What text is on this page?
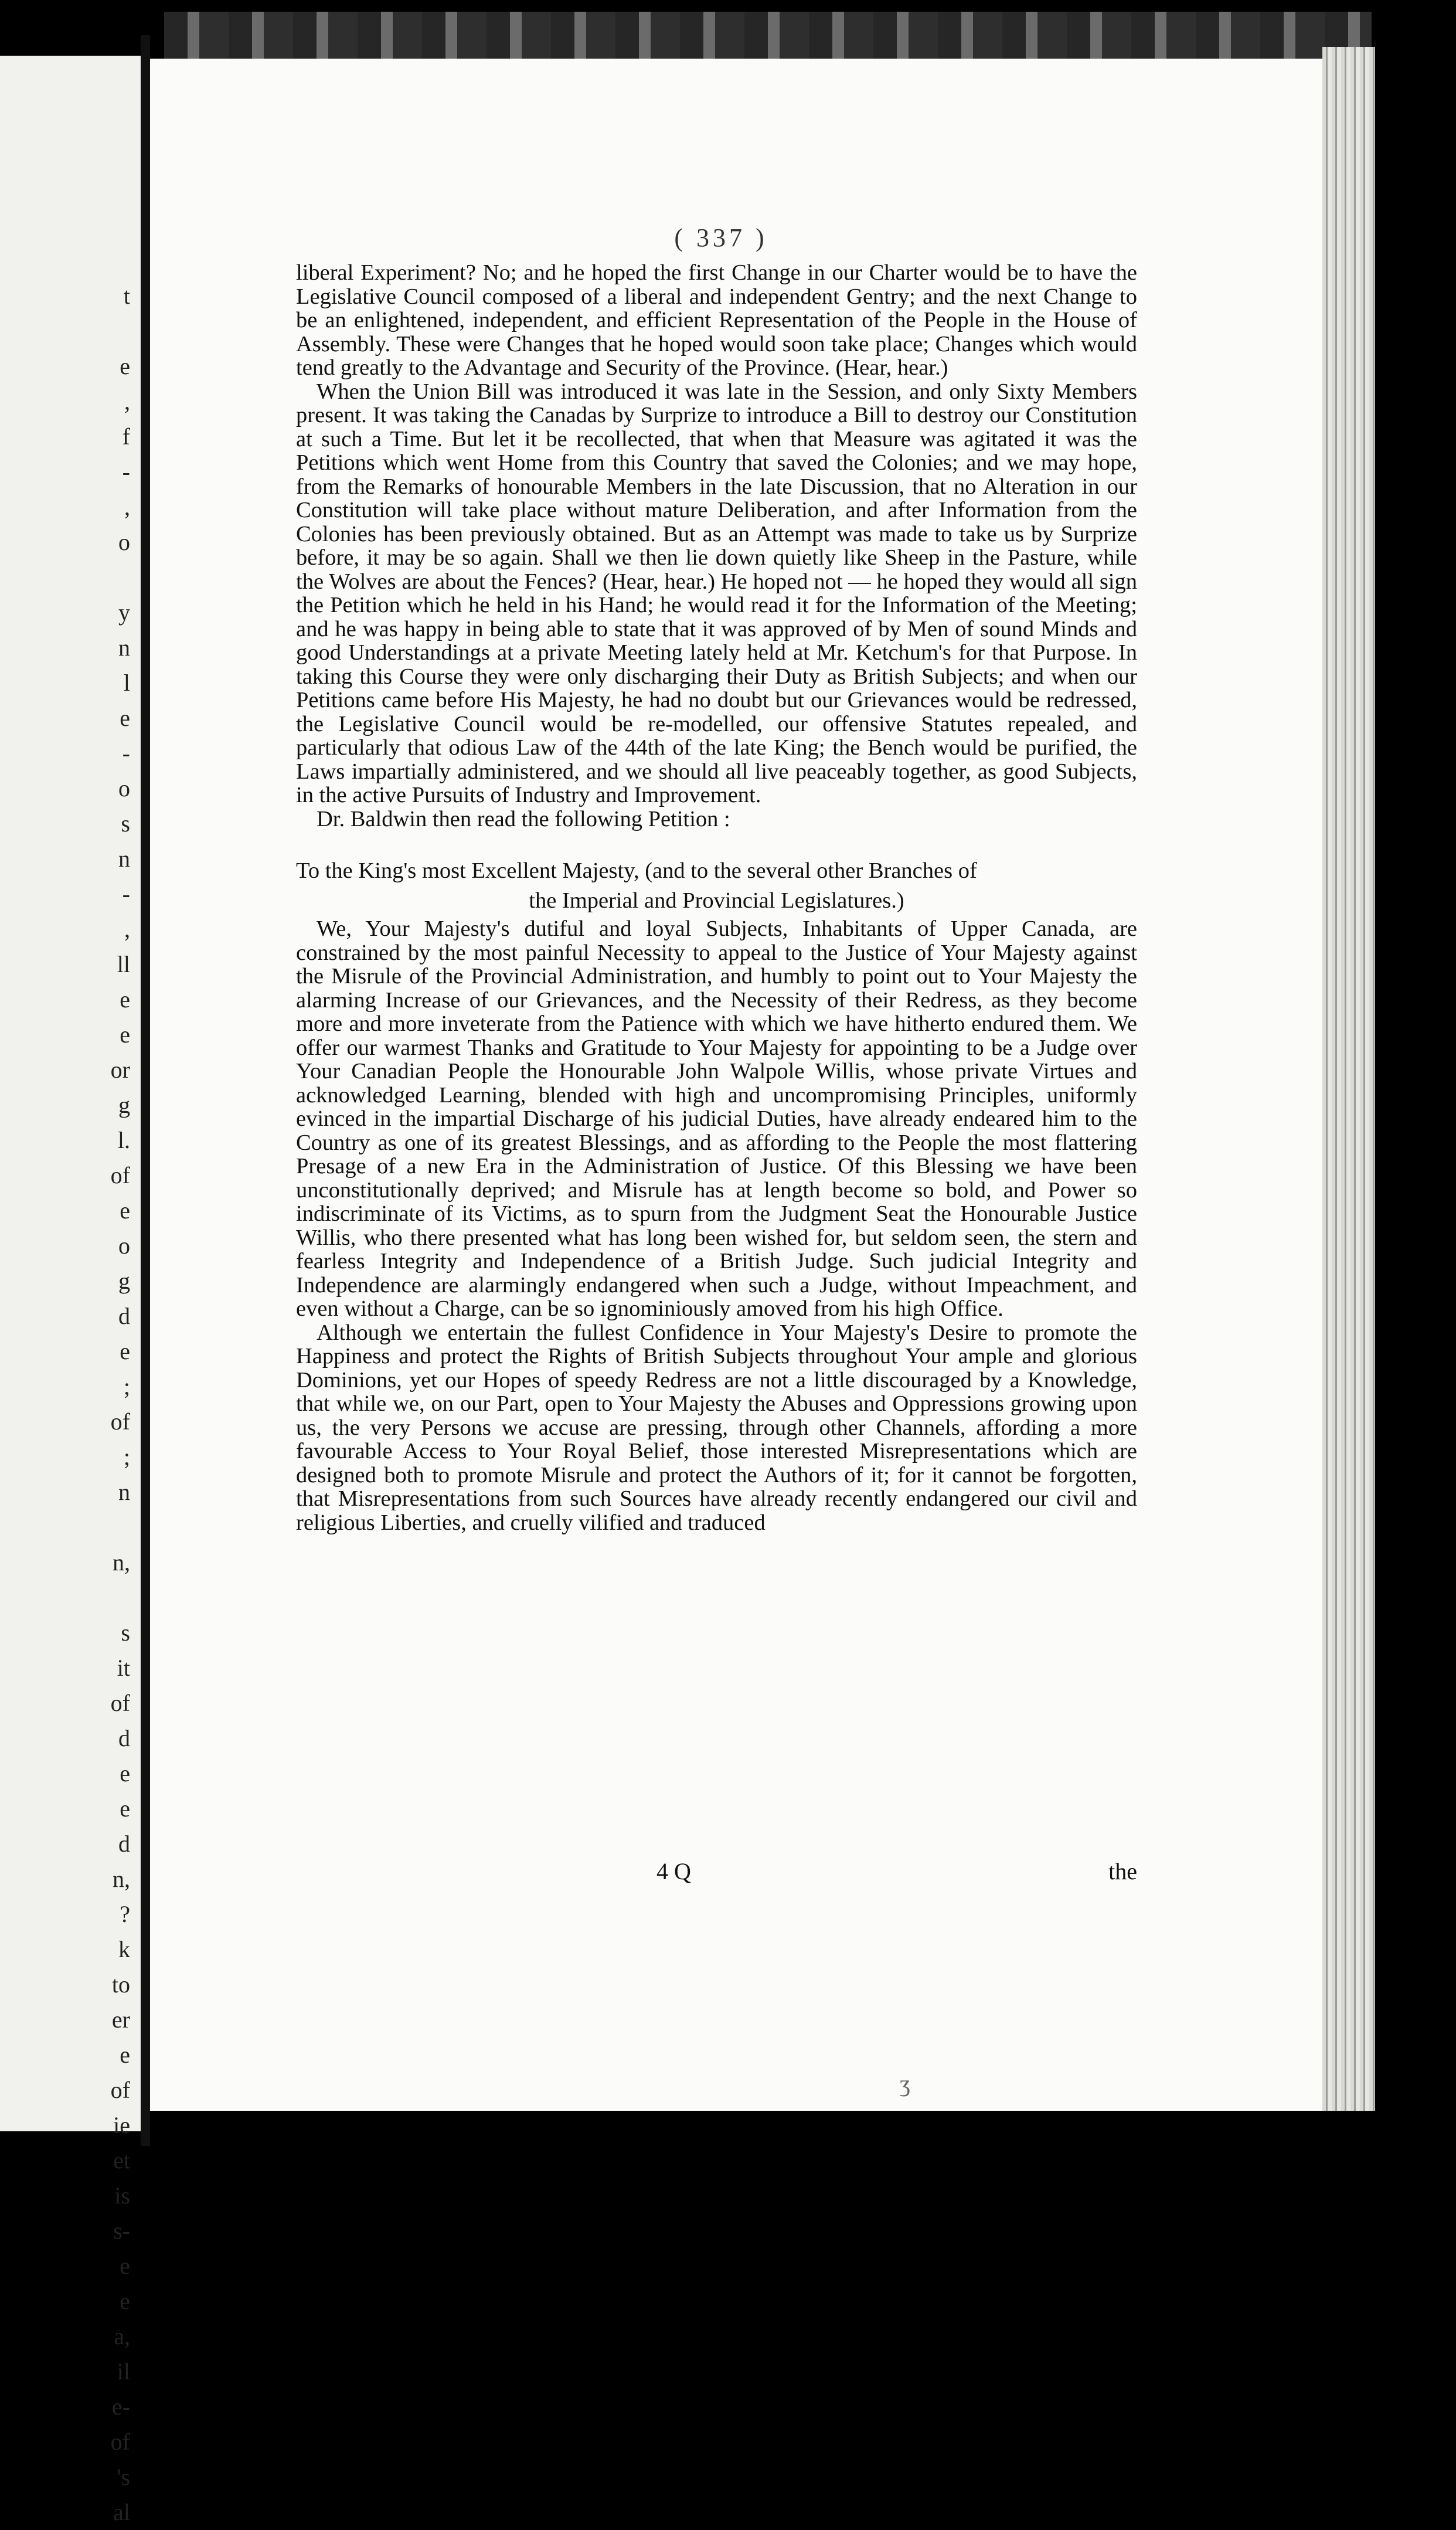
t

e
,
f
-
,
o

y
n
l
e
-
o
s
n
-
,
ll
e
e
or
g
l.
of
e
o
g
d
e
;
of
;
n

n,

s
it
of
d
e
e
d
n,
?
k
to
er
e
of
ie
et
is
s-
e
e
a,
il
e-
of
's
al
( 337 )

liberal Experiment? No; and he hoped the first Change in our Charter would be to have the Legislative Council composed of a liberal and independent Gentry; and the next Change to be an enlightened, independent, and efficient Representation of the People in the House of Assembly. These were Changes that he hoped would soon take place; Changes which would tend greatly to the Advantage and Security of the Province. (Hear, hear.)

When the Union Bill was introduced it was late in the Session, and only Sixty Members present. It was taking the Canadas by Surprize to introduce a Bill to destroy our Constitution at such a Time. But let it be recollected, that when that Measure was agitated it was the Petitions which went Home from this Country that saved the Colonies; and we may hope, from the Remarks of honourable Members in the late Discussion, that no Alteration in our Constitution will take place without mature Deliberation, and after Information from the Colonies has been previously obtained. But as an Attempt was made to take us by Surprize before, it may be so again. Shall we then lie down quietly like Sheep in the Pasture, while the Wolves are about the Fences? (Hear, hear.) He hoped not — he hoped they would all sign the Petition which he held in his Hand; he would read it for the Information of the Meeting; and he was happy in being able to state that it was approved of by Men of sound Minds and good Understandings at a private Meeting lately held at Mr. Ketchum's for that Purpose. In taking this Course they were only discharging their Duty as British Subjects; and when our Petitions came before His Majesty, he had no doubt but our Grievances would be redressed, the Legislative Council would be re-modelled, our offensive Statutes repealed, and particularly that odious Law of the 44th of the late King; the Bench would be purified, the Laws impartially administered, and we should all live peaceably together, as good Subjects, in the active Pursuits of Industry and Improvement.

Dr. Baldwin then read the following Petition :

To the King's most Excellent Majesty, (and to the several other Branches of

the Imperial and Provincial Legislatures.)

We, Your Majesty's dutiful and loyal Subjects, Inhabitants of Upper Canada, are constrained by the most painful Necessity to appeal to the Justice of Your Majesty against the Misrule of the Provincial Administration, and humbly to point out to Your Majesty the alarming Increase of our Grievances, and the Necessity of their Redress, as they become more and more inveterate from the Patience with which we have hitherto endured them. We offer our warmest Thanks and Gratitude to Your Majesty for appointing to be a Judge over Your Canadian People the Honourable John Walpole Willis, whose private Virtues and acknowledged Learning, blended with high and uncompromising Principles, uniformly evinced in the impartial Discharge of his judicial Duties, have already endeared him to the Country as one of its greatest Blessings, and as affording to the People the most flattering Presage of a new Era in the Administration of Justice. Of this Blessing we have been unconstitutionally deprived; and Misrule has at length become so bold, and Power so indiscriminate of its Victims, as to spurn from the Judgment Seat the Honourable Justice Willis, who there presented what has long been wished for, but seldom seen, the stern and fearless Integrity and Independence of a British Judge. Such judicial Integrity and Independence are alarmingly endangered when such a Judge, without Impeachment, and even without a Charge, can be so ignominiously amoved from his high Office.

Although we entertain the fullest Confidence in Your Majesty's Desire to promote the Happiness and protect the Rights of British Subjects throughout Your ample and glorious Dominions, yet our Hopes of speedy Redress are not a little discouraged by a Knowledge, that while we, on our Part, open to Your Majesty the Abuses and Oppressions growing upon us, the very Persons we accuse are pressing, through other Channels, affording a more favourable Access to Your Royal Belief, those interested Misrepresentations which are designed both to promote Misrule and protect the Authors of it; for it cannot be forgotten, that Misrepresentations from such Sources have already recently endangered our civil and religious Liberties, and cruelly vilified and traduced

4 Q	the
ʒ
